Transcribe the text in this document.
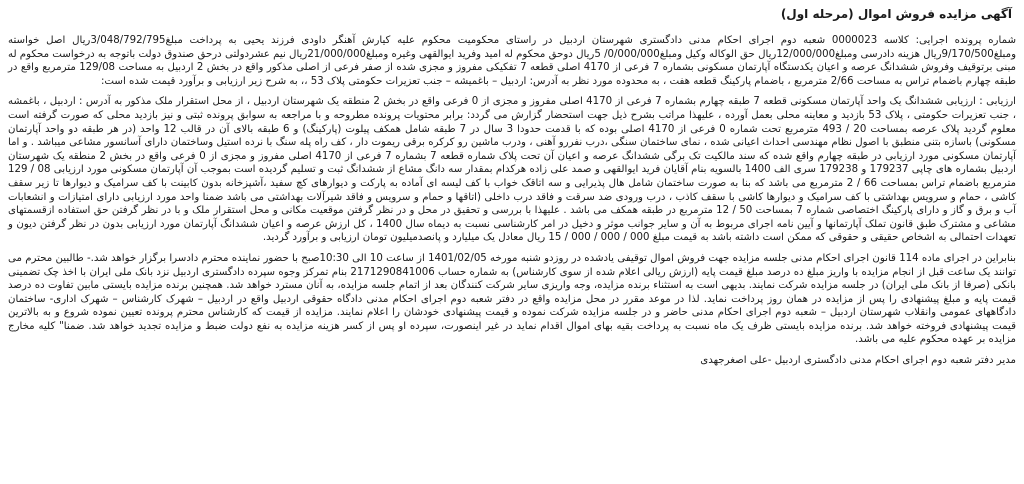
آگهی مزایده فروش اموال (مرحله اول)

شماره پرونده اجرایی: کلاسه 0000023 شعبه دوم اجرای احکام مدنی دادگستری شهرستان اردبیل در راستای محکومیت محکوم علیه کیارش آهنگر داودی فرزند یحیی به پرداخت مبلغ3/048/792/795ریال اصل خواسته ومبلغ9/170/500ریال هزینه دادرسی ومبلغ12/000/000ریال حق الوکاله وکیل ومبلغ0/000/000/ 5ریال دوحق محکوم له امید وفرید ایوالقهی وغیره ومبلغ21/000/000ریال نیم عشردولتی درحق صندوق دولت باتوجه به درخواست محکوم له مبنی برتوقیف وفروش ششدانگ عرصه و اعیان یکدستگاه آپارتمان مسکونی بشماره 7 فرعی از 4170 اصلی قطعه 7 تفکیکی مفروز و مجزی شده از صفر فرعی از اصلی مذکور واقع در بخش 2 اردبیل به مساحت 129/08 مترمربع واقع در طبقه چهارم باضمام تراس به مساحت 2/66 مترمربع ، باضمام پارکینگ قطعه هفت ، به محدوده مورد نظر به آدرس: اردبیل – باغمیشه – جنب تعزیرات حکومتی پلاک 53 ،، به شرح زیر ارزیابی و برآورد قیمت شده است:

ارزیابی : ارزیابی ششدانگ یک واحد آپارتمان مسکونی قطعه 7 طبقه چهارم بشماره 7 فرعی از 4170 اصلی مفروز و مجزی از 0 فرعی واقع در بخش 2 منطقه یک شهرستان اردبیل ، از محل استقرار ملک مذکور به آدرس : اردبیل ، باغمشه ، جنب تعزیرات حکومتی ، پلاک 53 بازدید و معاینه محلی بعمل آورده ، علیهذا مراتب بشرح ذیل جهت استحضار گزارش می گردد: برابر محتویات پرونده مطروحه و با مراجعه به سوابق پرونده ثبتی و نیز بازدید محلی که صورت گرفته است معلوم گردید پلاک عرصه بمساحت 20 / 493 مترمربع تحت شماره 0 فرعی از 4170 اصلی بوده که با قدمت حدودا 3 سال در 7 طبقه شامل همکف پیلوت (پارکینگ) و 6 طبقه بالای آن در قالب 12 واحد (در هر طبقه دو واحد آپارتمان مسکونی) باسازه بتنی منطبق با اصول نظام مهندسی احداث اعیانی شده ، نمای ساختمان سنگی ،درب نفررو آهنی ، ودرب ماشین رو کرکره برقی ریموت دار ، کف راه پله سنگ با نرده استیل وساختمان دارای آسانسور مشاعی میباشد . و اما آپارتمان مسکونی مورد ارزیابی در طبقه چهارم واقع شده که سند مالکیت تک برگی ششدانگ عرصه و اعیان آن تحت پلاک شماره قطعه 7 بشماره 7 فرعی از 4170 اصلی مفروز و مجزی از 0 فرعی واقع در بخش 2 منطقه یک شهرستان اردبیل بشماره های چاپی 179237 و 179238 سری الف 1400 بالسویه بنام آقایان فرید ایوالقهی و صمد علی زاده هرکدام بمقدار سه دانگ مشاع از ششدانگ ثبت و تسلیم گردیده است بموجب آن آپارتمان مسکونی مورد ارزیابی 08 / 129 مترمربع باضمام تراس بمساحت 66 / 2 مترمربع می باشد که بنا به صورت ساختمان شامل هال پذیرایی و سه اتاقک خواب با کف لیسه ای آماده به پارکت و دیوارهای کچ سفید ،آشپزخانه بدون کابینت با کف سرامیک و دیوارها تا زیر سقف کاشی ، حمام و سرویس بهداشتی با کف سرامیک و دیوارها کاشی با سقف کاذب ، درب ورودی ضد سرقت و فاقد درب داخلی (اتاقها و حمام و سرویس و فاقد شیرآلات بهداشتی می باشد ضمنا واحد مورد ارزیابی دارای امتیازات و انشعابات آب و برق و گاز و دارای پارکینگ اختصاصی شماره 7 بمساحت 50 / 12 مترمربع در طبقه همکف می باشد . علیهذا با بررسی و تحقیق در محل و در نظر گرفتن موقعیت مکانی و محل استقرار ملک و با در نظر گرفتن حق استفاده ازقسمتهای مشاعی و مشترک طبق قانون تملک آپارتمانها و آیین نامه اجرای مربوط به آن و سایر جوانب موثر و دخیل در امر کارشناسی نسبت به دیماه سال 1400 ، کل ارزش عرصه و اعیان ششدانگ آپارتمان مورد ارزیابی بدون در نظر گرفتن دیون و تعهدات احتمالی به اشخاص حقیقی و حقوقی که ممکن است داشته باشد به قیمت مبلغ 000 / 000 / 000 / 15 ریال معادل یک میلیارد و پانصدمیلیون تومان ارزیابی و برآورد گردید.

بنابراین در اجرای ماده 114 قانون اجرای احکام مدنی جلسه مزایده جهت فروش اموال توقیفی یادشده در روزدو شنبه مورخه 1401/02/05 از ساعت 10 الی 10:30صبح با حضور نماینده محترم دادسرا برگزار خواهد شد.- طالبین محترم می توانند یک ساعت قبل از انجام مزایده با واریز مبلغ ده درصد مبلغ قیمت پایه (ارزش ریالی اعلام شده از سوی کارشناس) به شماره حساب 2171290841006 بنام تمرکز وجوه سپرده دادگستری اردبیل نزد بانک ملی ایران با اخذ چک تضمینی بانکی (صرفا از بانک ملی ایران) در جلسه مزایده شرکت نمایند. بدیهی است به استثناء برنده مزایده، وجه واریزی سایر شرکت کنندگان بعد از اتمام جلسه مزایده، به آنان مسترد خواهد شد. همچنین برنده مزایده بایستی مابین تفاوت ده درصد قیمت پایه و مبلغ پیشنهادی را پس از مزایده در همان روز پرداخت نماید. لذا در موعد مقرر در محل مزایده واقع در دفتر شعبه دوم اجرای احکام مدنی دادگاه حقوقی اردبیل واقع در اردبیل – شهرک کارشناس – شهرک اداری- ساختمان دادگاههای عمومی وانقلاب شهرستان اردبیل – شعبه دوم اجرای احکام مدنی حاضر و در جلسه مزایده شرکت نموده و قیمت پیشنهادی خودشان را اعلام نمایند. مزایده از قیمت که کارشناس محترم پرونده تعیین نموده شروع و به بالاترین قیمت پیشنهادی فروخته خواهد شد. برنده مزایده بایستی ظرف یک ماه نسبت به پرداخت بقیه بهای اموال اقدام نماید در غیر اینصورت، سپرده او پس از کسر هزینه مزایده به نفع دولت ضبط و مزایده تجدید خواهد شد. ضمنا" کلیه مخارج مزایده بر عهده محکوم علیه می باشد.

مدیر دفتر شعبه دوم اجرای احکام مدنی دادگستری اردبیل -علی اصغرجهدی
